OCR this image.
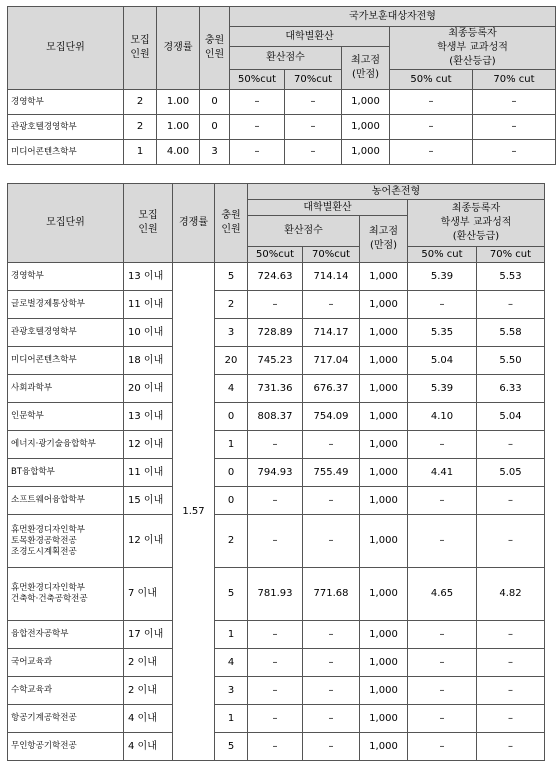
모집단위	모집
인원	경쟁률	충원
인원	국가보훈대상자전형				
				대학별환산			최종등록자
학생부 교과성적
(환산등급)	
				환산점수		최고점
(만점)		
				50%cut	70%cut		50% cut	70% cut
경영학부	2	1.00	0	–	–	1,000	–	–
관광호텔경영학부	2	1.00	0	–	–	1,000	–	–
미디어콘텐츠학부	1	4.00	3	–	–	1,000	–	–
모집단위	모집
인원	경쟁률	충원
인원	농어촌전형				
				대학별환산			최종등록자
학생부 교과성적
(환산등급)	
				환산점수		최고점
(만점)		
				50%cut	70%cut		50% cut	70% cut
경영학부	13 이내	1.57	5	724.63	714.14	1,000	5.39	5.53
글로벌경제통상학부	11 이내		2	–	–	1,000	–	–
관광호텔경영학부	10 이내		3	728.89	714.17	1,000	5.35	5.58
미디어콘텐츠학부	18 이내		20	745.23	717.04	1,000	5.04	5.50
사회과학부	20 이내		4	731.36	676.37	1,000	5.39	6.33
인문학부	13 이내		0	808.37	754.09	1,000	4.10	5.04
에너지·광기술융합학부	12 이내		1	–	–	1,000	–	–
BT융합학부	11 이내		0	794.93	755.49	1,000	4.41	5.05
소프트웨어융합학부	15 이내		0	–	–	1,000	–	–
휴먼환경디자인학부
토목환경공학전공
조경도시계획전공	12 이내		2	–	–	1,000	–	–
휴먼환경디자인학부
건축학·건축공학전공	7 이내		5	781.93	771.68	1,000	4.65	4.82
융합전자공학부	17 이내		1	–	–	1,000	–	–
국어교육과	2 이내		4	–	–	1,000	–	–
수학교육과	2 이내		3	–	–	1,000	–	–
항공기계공학전공	4 이내		1	–	–	1,000	–	–
무인항공기학전공	4 이내		5	–	–	1,000	–	–
